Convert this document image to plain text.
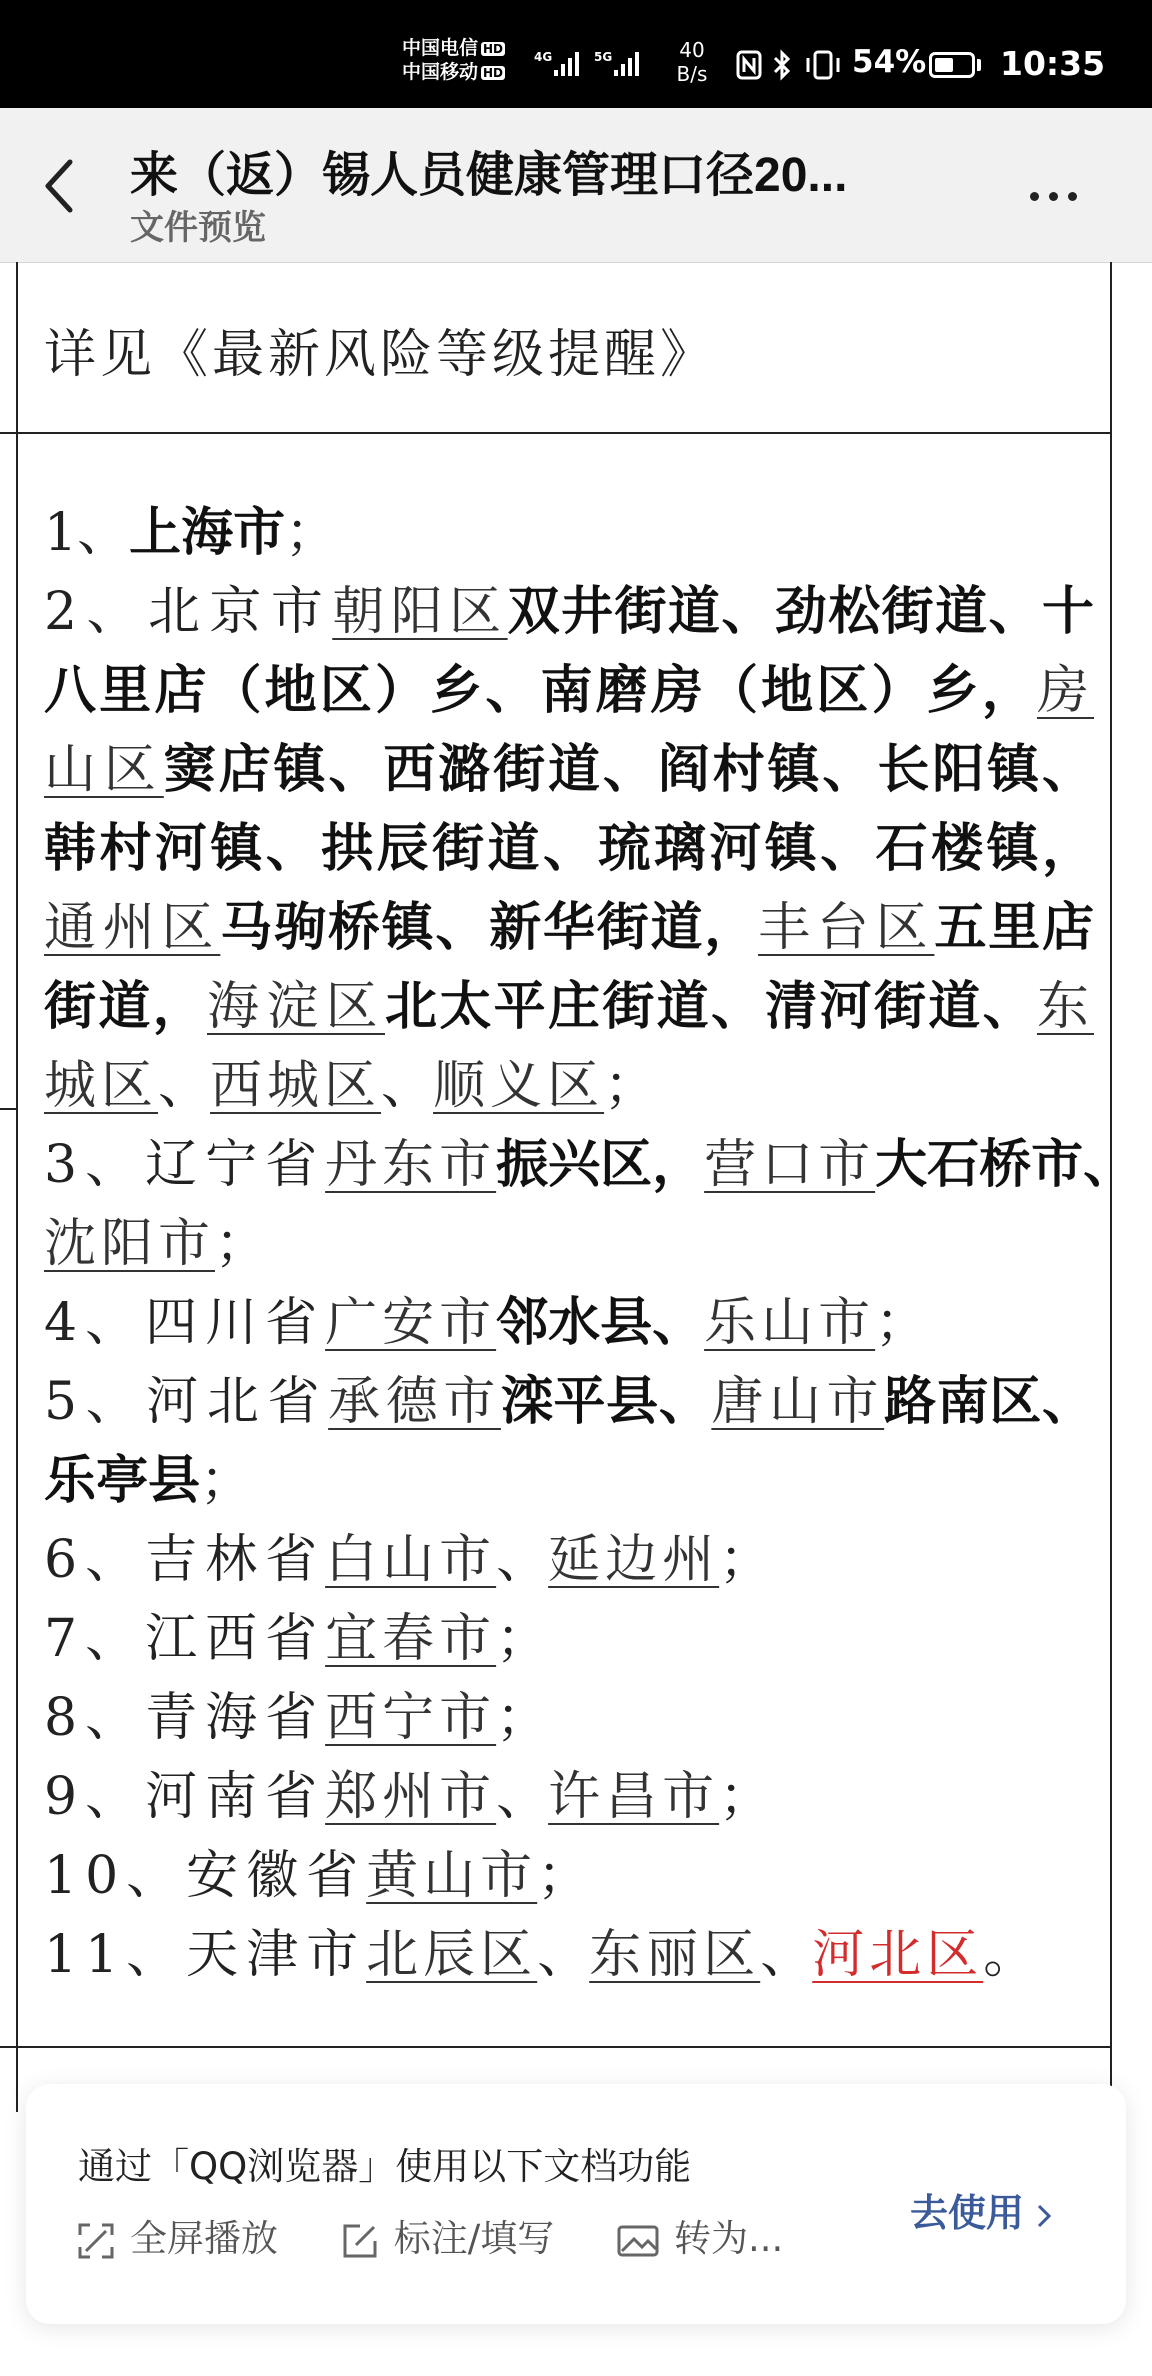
中国电信 HD
中国移动 HD
4G	5G	40
B/s	54% 10:35
来（返）锡人员健康管理口径20...
文件预览
详见《最新风险等级提醒》
1、上海市；
2、北京市朝阳区双井街道、劲松街道、十
八里店（地区）乡、南磨房（地区）乡，房
山区窦店镇、西潞街道、阎村镇、长阳镇、
韩村河镇、拱辰街道、琉璃河镇、石楼镇，
通州区马驹桥镇、新华街道，丰台区五里店
街道，海淀区北太平庄街道、清河街道、东
城区、西城区、顺义区；
3、辽宁省丹东市振兴区，营口市大石桥市、
沈阳市；
4、四川省广安市邻水县、乐山市；
5、河北省承德市滦平县、唐山市路南区、
乐亭县；
6、吉林省白山市、延边州；
7、江西省宜春市；
8、青海省西宁市；
9、河南省郑州市、许昌市；
10、安徽省黄山市；
11、天津市北辰区、东丽区、河北区。
通过「QQ浏览器」使用以下文档功能
全屏播放	标注/填写	转为...
去使用
